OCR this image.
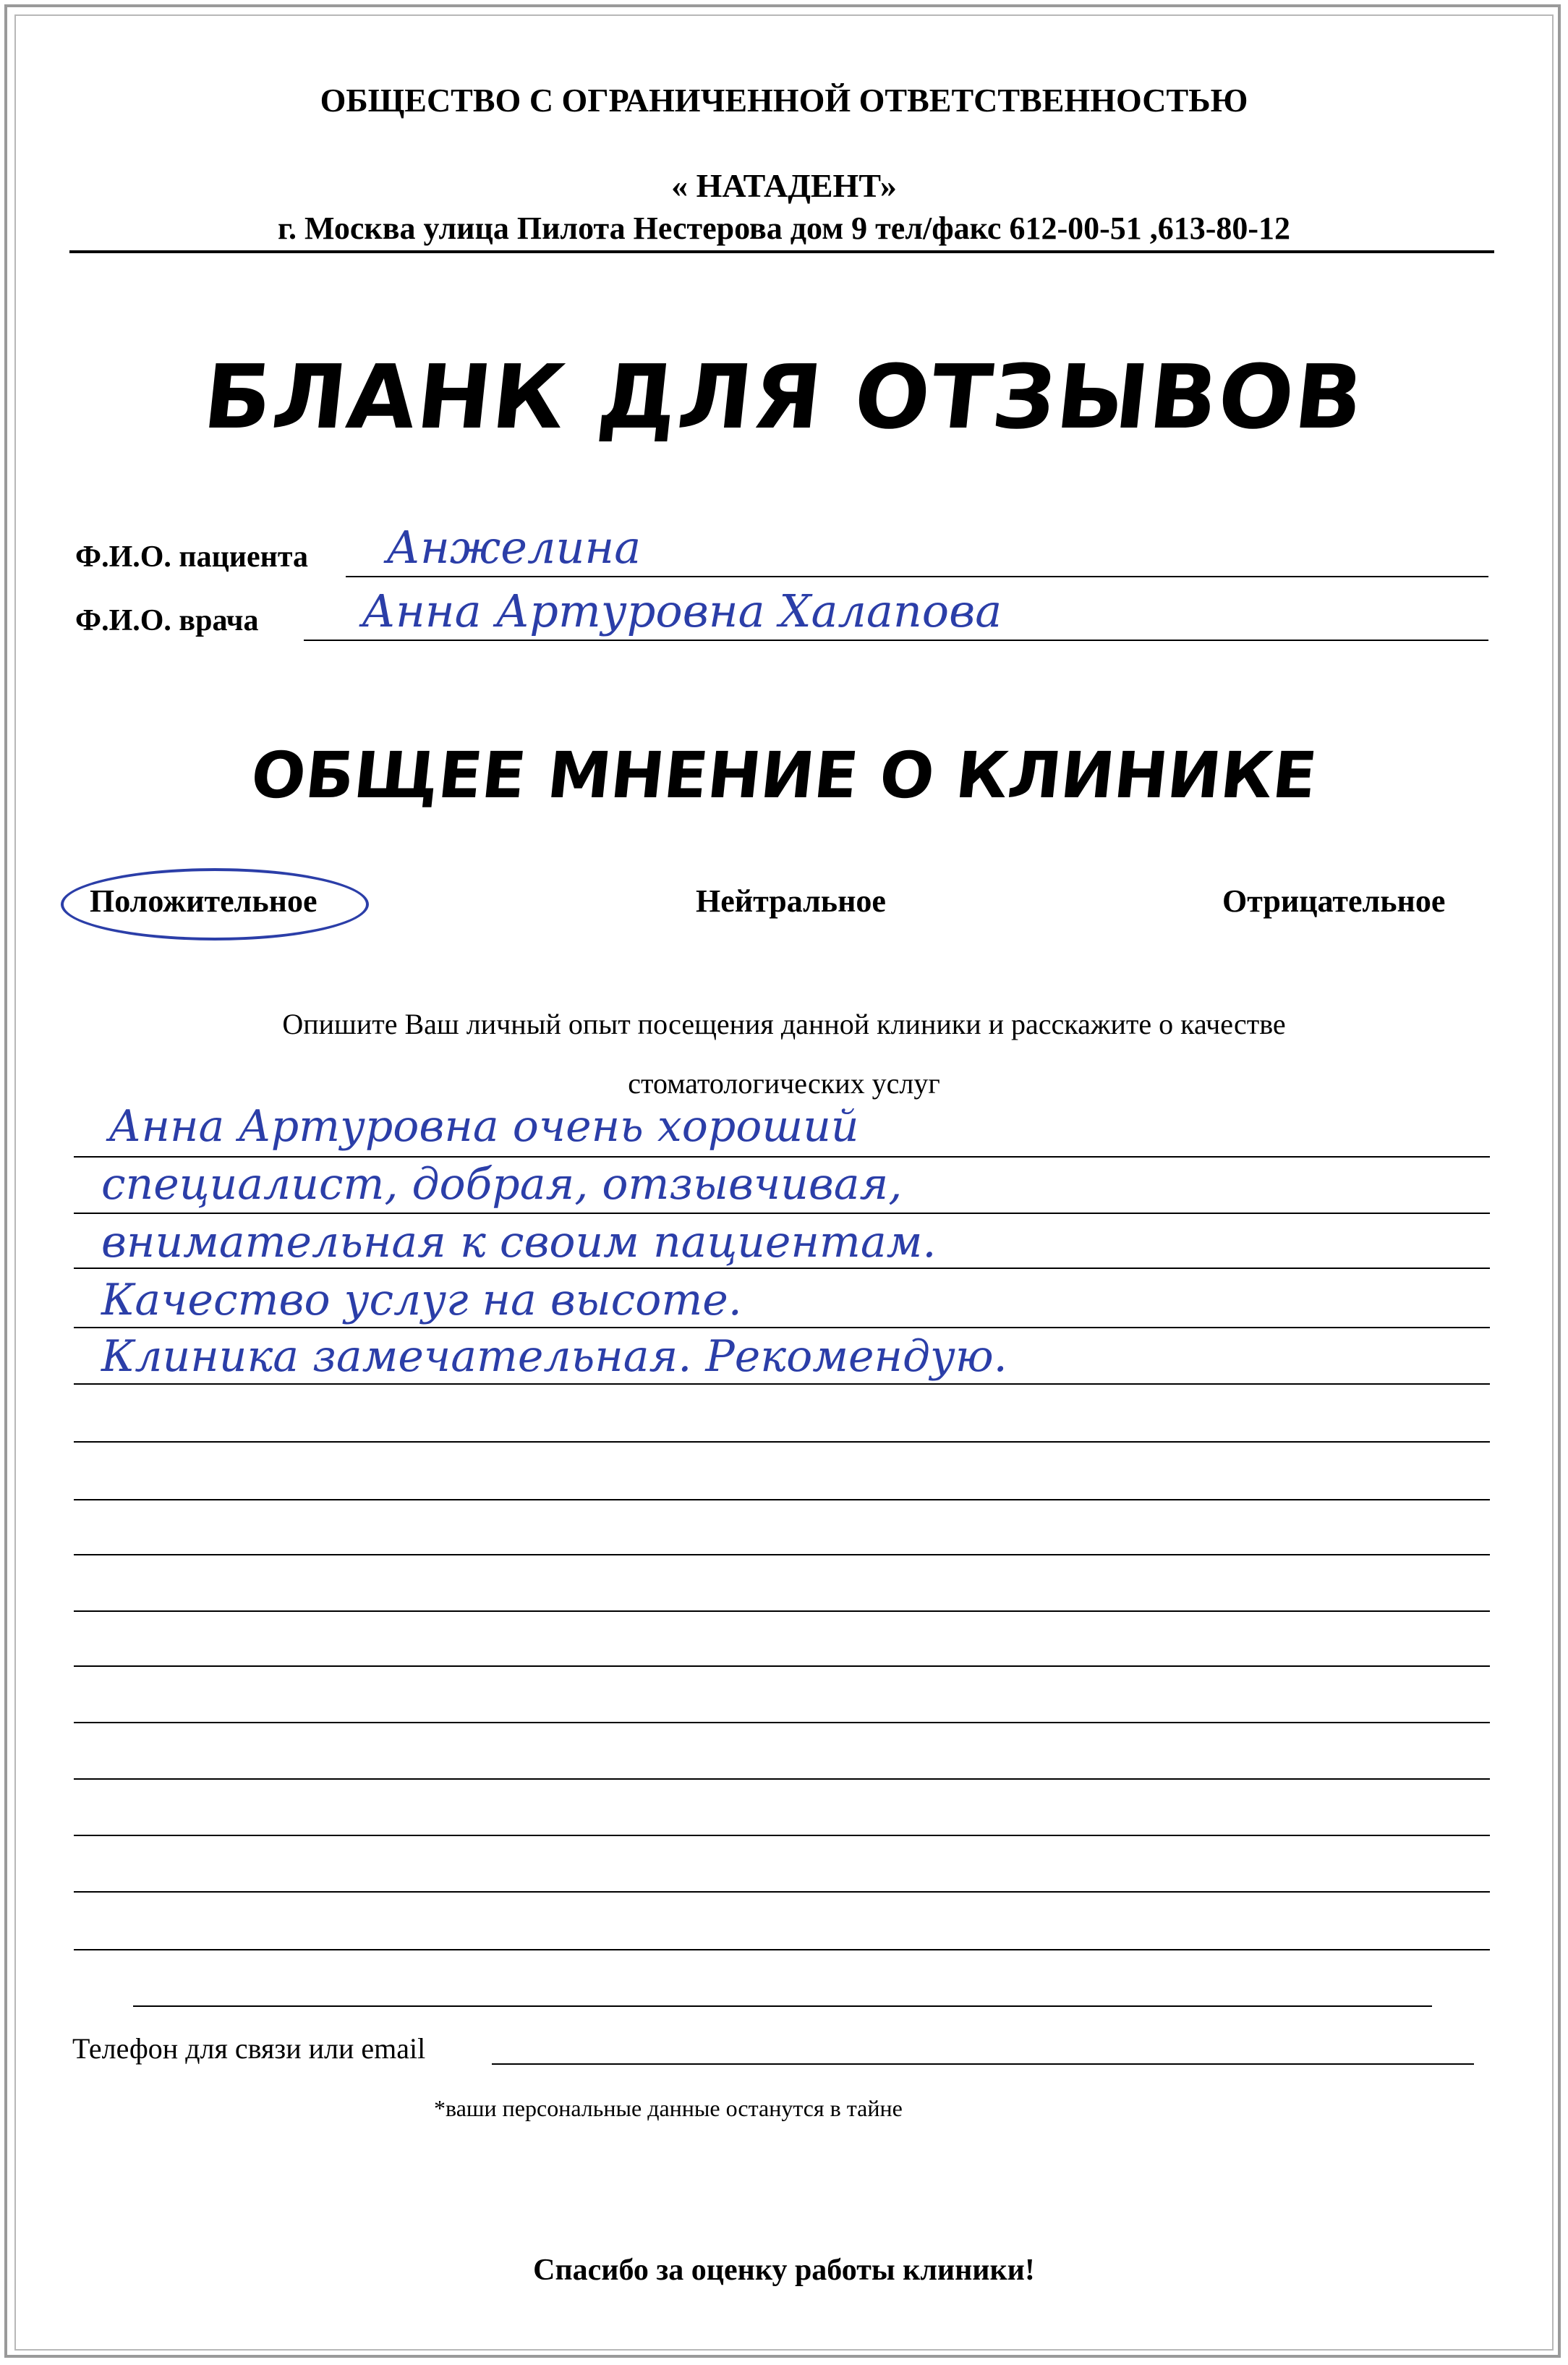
ОБЩЕСТВО С ОГРАНИЧЕННОЙ ОТВЕТСТВЕННОСТЬЮ
« НАТАДЕНТ»
г. Москва улица Пилота Нестерова дом 9 тел/факс 612-00-51 ,613-80-12
БЛАНК ДЛЯ ОТЗЫВОВ
Ф.И.О. пациента Анжелина
Ф.И.О. врача Анна Артуровна Халапова
ОБЩЕЕ МНЕНИЕ О КЛИНИКЕ
Положительное	Нейтральное	Отрицательное
Опишите Ваш личный опыт посещения данной клиники и расскажите о качестве
стоматологических услуг
Анна Артуровна очень хороший
специалист, добрая, отзывчивая,
внимательная к своим пациентам.
Качество услуг на высоте.
Клиника замечательная. Рекомендую.
Телефон для связи или email
*ваши персональные данные останутся в тайне
Спасибо за оценку работы клиники!
